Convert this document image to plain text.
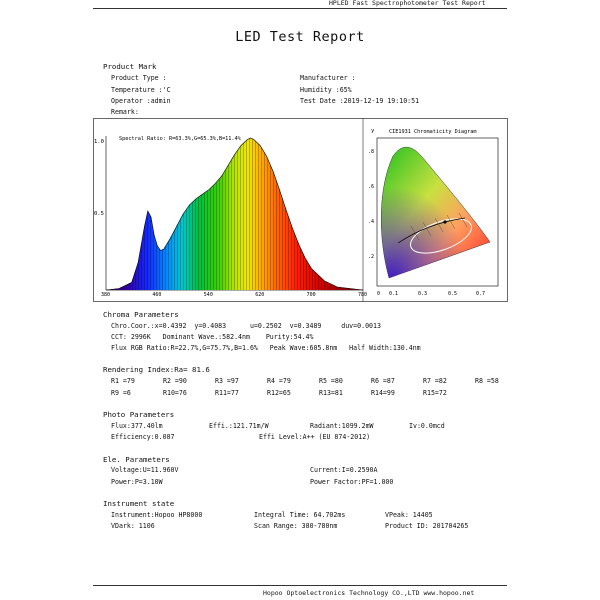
HPLED Fast Spectrophotometer Test Report
LED Test Report
Product Mark
Product Type :
Temperature :'C
Operator :admin
Remark:
Manufacturer :
Humidity :65%
Test Date :2019-12-19 19:10:51
Spectral Ratio: R=63.3%,G=65.3%,B=11.4%
1.0
0.5
380	460	540	620	700	780
y	CIE1931 Chromaticity Diagram
.8
.6
.4
.2
0 0.1	0.3	0.5	0.7
Chroma Parameters
Chro.Coor.:x=0.4392  y=0.4083      u=0.2502  v=0.3489     duv=0.0013
CCT: 2996K   Dominant Wave.:582.4nm    Purity:54.4%
Flux RGB Ratio:R=22.7%,G=75.7%,B=1.6%   Peak Wave:605.8nm   Half Width:130.4nm
Rendering Index:Ra= 81.6
R1 =79	R2 =90	R3 =97	R4 =79	R5 =80	R6 =87	R7 =82	R8 =58
R9 =6	R10=76	R11=77	R12=65	R13=81	R14=99	R15=72
Photo Parameters
Flux:377.40lm	Effi.:121.71m/W	Radiant:1099.2mW	Iv:0.0mcd
Efficiency:0.087	Effi Level:A++ (EU 874-2012)
Ele. Parameters
Voltage:U=11.960V	Current:I=0.2590A
Power:P=3.10W	Power Factor:PF=1.000
Instrument state
Instrument:Hopoo HP8000	Integral Time: 64.702ms	VPeak: 14405
VDark: 1106	Scan Range: 380-780nm	Product ID: 201704265
Hopoo Optoelectronics Technology CO.,LTD www.hopoo.net
